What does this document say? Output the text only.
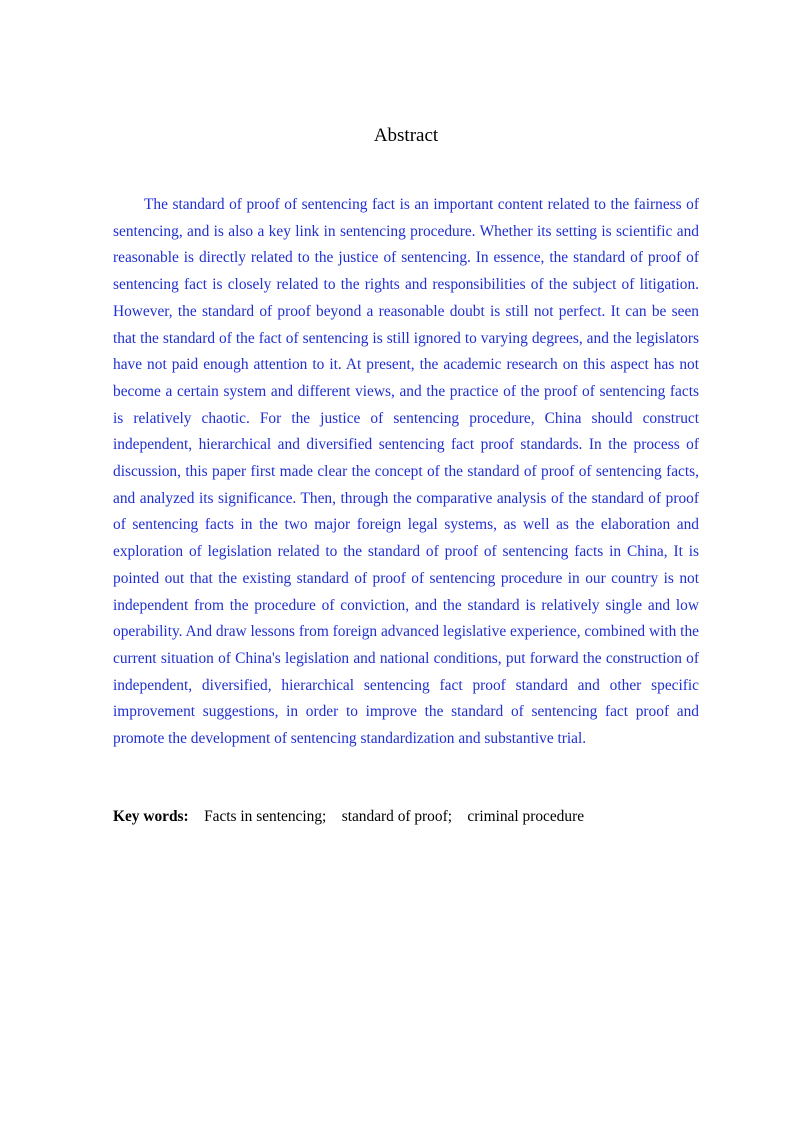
Abstract

The standard of proof of sentencing fact is an important content related to the fairness of sentencing, and is also a key link in sentencing procedure. Whether its setting is scientific and reasonable is directly related to the justice of sentencing. In essence, the standard of proof of sentencing fact is closely related to the rights and responsibilities of the subject of litigation. However, the standard of proof beyond a reasonable doubt is still not perfect. It can be seen that the standard of the fact of sentencing is still ignored to varying degrees, and the legislators have not paid enough attention to it. At present, the academic research on this aspect has not become a certain system and different views, and the practice of the proof of sentencing facts is relatively chaotic. For the justice of sentencing procedure, China should construct independent, hierarchical and diversified sentencing fact proof standards. In the process of discussion, this paper first made clear the concept of the standard of proof of sentencing facts, and analyzed its significance. Then, through the comparative analysis of the standard of proof of sentencing facts in the two major foreign legal systems, as well as the elaboration and exploration of legislation related to the standard of proof of sentencing facts in China, It is pointed out that the existing standard of proof of sentencing procedure in our country is not independent from the procedure of conviction, and the standard is relatively single and low operability. And draw lessons from foreign advanced legislative experience, combined with the current situation of China's legislation and national conditions, put forward the construction of independent, diversified, hierarchical sentencing fact proof standard and other specific improvement suggestions, in order to improve the standard of sentencing fact proof and promote the development of sentencing standardization and substantive trial.

Key words: Facts in sentencing; standard of proof; criminal procedure
